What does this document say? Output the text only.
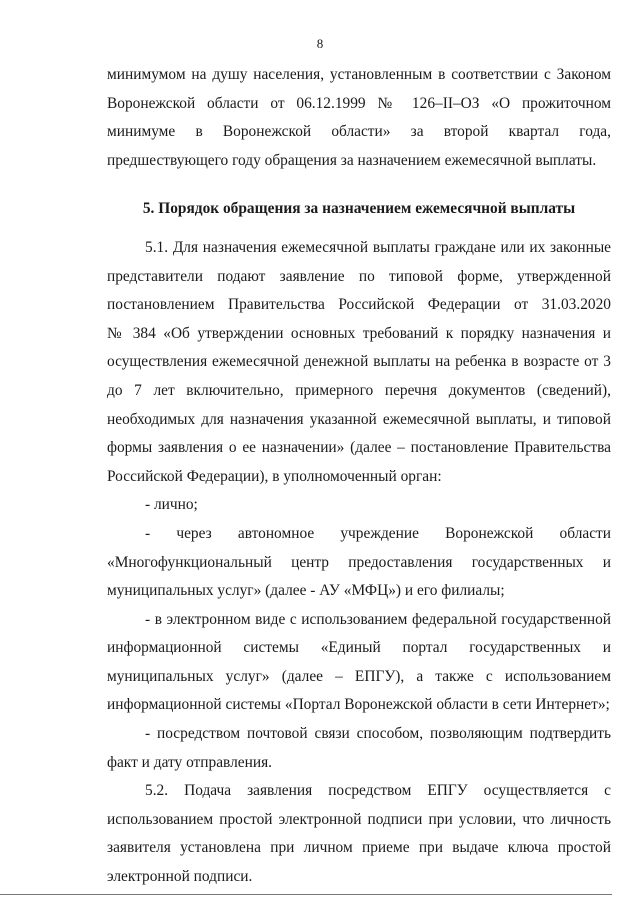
8

минимумом на душу населения, установленным в соответствии с Законом

Воронежской области от 06.12.1999 № 126–II–ОЗ «О прожиточном

минимуме в Воронежской области» за второй квартал года,

предшествующего году обращения за назначением ежемесячной выплаты.

5. Порядок обращения за назначением ежемесячной выплаты

5.1. Для назначения ежемесячной выплаты граждане или их законные

представители подают заявление по типовой форме, утвержденной

постановлением Правительства Российской Федерации от 31.03.2020

№ 384 «Об утверждении основных требований к порядку назначения и

осуществления ежемесячной денежной выплаты на ребенка в возрасте от 3

до 7 лет включительно, примерного перечня документов (сведений),

необходимых для назначения указанной ежемесячной выплаты, и типовой

формы заявления о ее назначении» (далее – постановление Правительства

Российской Федерации), в уполномоченный орган:

- лично;

- через автономное учреждение Воронежской области

«Многофункциональный центр предоставления государственных и

муниципальных услуг» (далее - АУ «МФЦ») и его филиалы;

- в электронном виде с использованием федеральной государственной

информационной системы «Единый портал государственных и

муниципальных услуг» (далее – ЕПГУ), а также с использованием

информационной системы «Портал Воронежской области в сети Интернет»;

- посредством почтовой связи способом, позволяющим подтвердить

факт и дату отправления.

5.2. Подача заявления посредством ЕПГУ осуществляется с

использованием простой электронной подписи при условии, что личность

заявителя установлена при личном приеме при выдаче ключа простой

электронной подписи.
